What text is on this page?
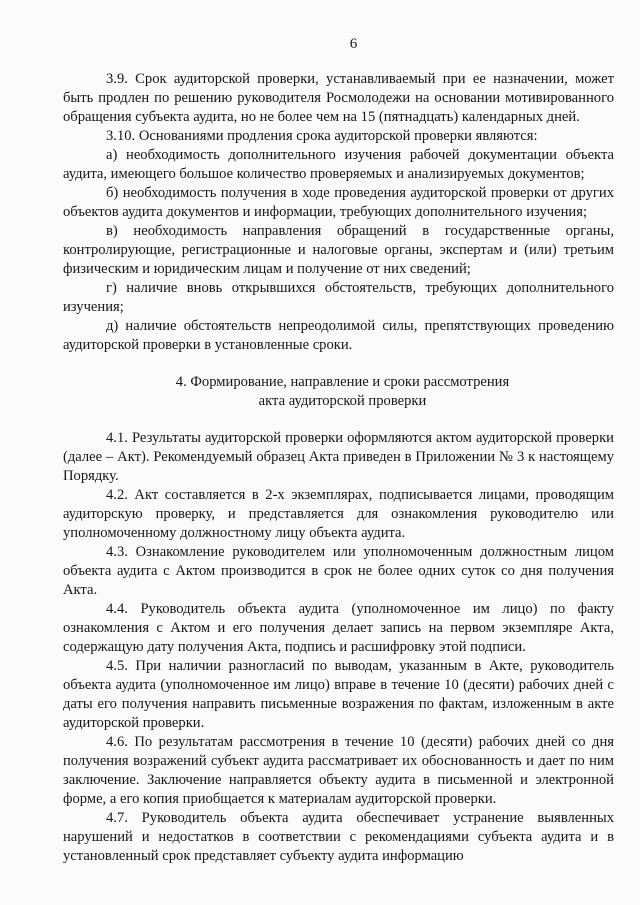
6

3.9. Срок аудиторской проверки, устанавливаемый при ее назначении, может быть продлен по решению руководителя Росмолодежи на основании мотивированного обращения субъекта аудита, но не более чем на 15 (пятнадцать) календарных дней.

3.10. Основаниями продления срока аудиторской проверки являются:

а) необходимость дополнительного изучения рабочей документации объекта аудита, имеющего большое количество проверяемых и анализируемых документов;

б) необходимость получения в ходе проведения аудиторской проверки от других объектов аудита документов и информации, требующих дополнительного изучения;

в) необходимость направления обращений в государственные органы, контролирующие, регистрационные и налоговые органы, экспертам и (или) третьим физическим и юридическим лицам и получение от них сведений;

г) наличие вновь открывшихся обстоятельств, требующих дополнительного изучения;

д) наличие обстоятельств непреодолимой силы, препятствующих проведению аудиторской проверки в установленные сроки.

4. Формирование, направление и сроки рассмотрения
акта аудиторской проверки

4.1. Результаты аудиторской проверки оформляются актом аудиторской проверки (далее – Акт). Рекомендуемый образец Акта приведен в Приложении № 3 к настоящему Порядку.

4.2. Акт составляется в 2-х экземплярах, подписывается лицами, проводящим аудиторскую проверку, и представляется для ознакомления руководителю или уполномоченному должностному лицу объекта аудита.

4.3. Ознакомление руководителем или уполномоченным должностным лицом объекта аудита с Актом производится в срок не более одних суток со дня получения Акта.

4.4. Руководитель объекта аудита (уполномоченное им лицо) по факту ознакомления с Актом и его получения делает запись на первом экземпляре Акта, содержащую дату получения Акта, подпись и расшифровку этой подписи.

4.5. При наличии разногласий по выводам, указанным в Акте, руководитель объекта аудита (уполномоченное им лицо) вправе в течение 10 (десяти) рабочих дней с даты его получения направить письменные возражения по фактам, изложенным в акте аудиторской проверки.

4.6. По результатам рассмотрения в течение 10 (десяти) рабочих дней со дня получения возражений субъект аудита рассматривает их обоснованность и дает по ним заключение. Заключение направляется объекту аудита в письменной и электронной форме, а его копия приобщается к материалам аудиторской проверки.

4.7. Руководитель объекта аудита обеспечивает устранение выявленных нарушений и недостатков в соответствии с рекомендациями субъекта аудита и в установленный срок представляет субъекту аудита информацию
